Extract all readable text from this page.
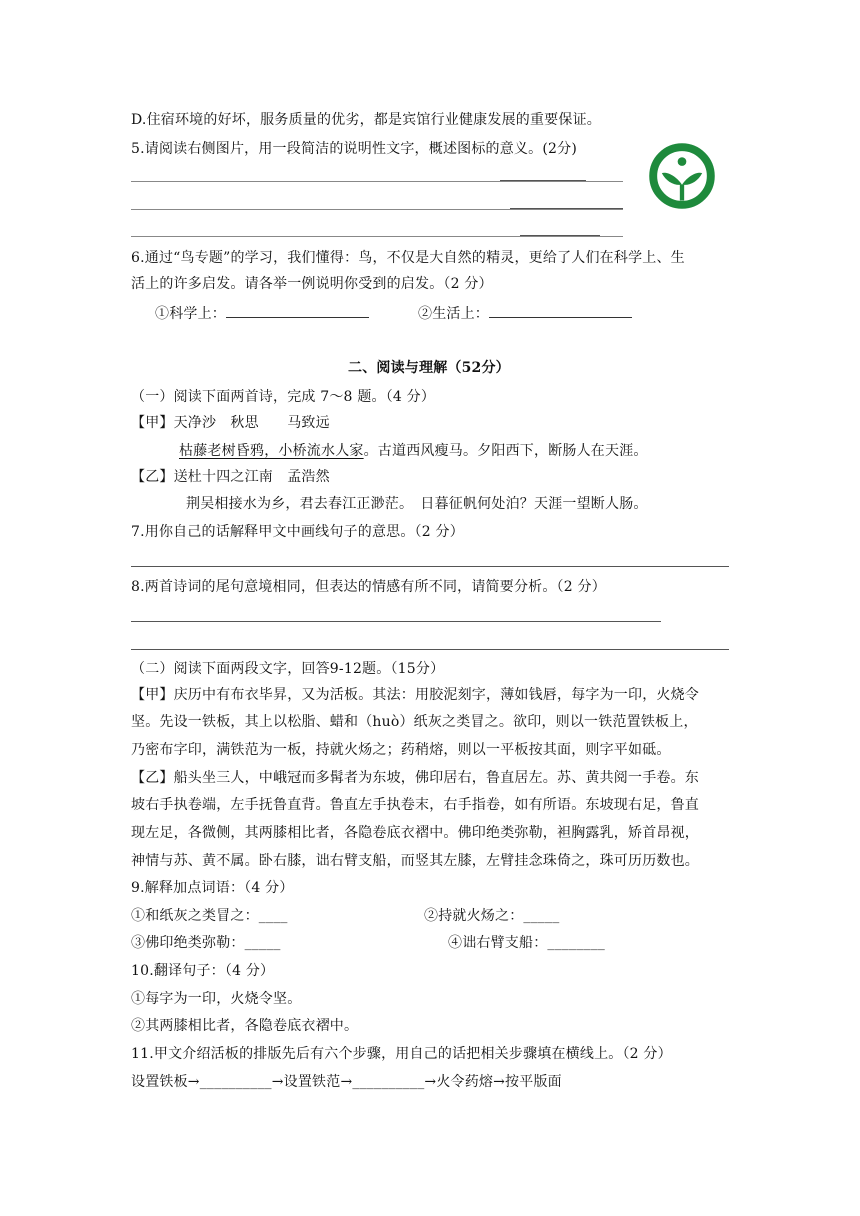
D.住宿环境的好坏，服务质量的优劣，都是宾馆行业健康发展的重要保证。
5.请阅读右侧图片，用一段简洁的说明性文字，概述图标的意义。(2分)
6.通过“鸟专题”的学习，我们懂得：鸟，不仅是大自然的精灵，更给了人们在科学上、生
活上的许多启发。请各举一例说明你受到的启发。（2 分）
①科学上：	②生活上：
二、阅读与理解（52分）
（一）阅读下面两首诗，完成 7～8 题。（4 分）
【甲】天净沙　秋思　　马致远
枯藤老树昏鸦，小桥流水人家。古道西风瘦马。夕阳西下，断肠人在天涯。
【乙】送杜十四之江南　孟浩然
荆吴相接水为乡，君去春江正渺茫。　日暮征帆何处泊？天涯一望断人肠。
7.用你自己的话解释甲文中画线句子的意思。（2 分）
8.两首诗词的尾句意境相同，但表达的情感有所不同，请简要分析。（2 分）
（二）阅读下面两段文字，回答9-12题。（15分）
【甲】庆历中有布衣毕昇，又为活板。其法：用胶泥刻字，薄如钱唇，每字为一印，火烧令
坚。先设一铁板，其上以松脂、蜡和（huò）纸灰之类冒之。欲印，则以一铁范置铁板上，
乃密布字印，满铁范为一板，持就火炀之；药稍熔，则以一平板按其面，则字平如砥。
【乙】船头坐三人，中峨冠而多髯者为东坡，佛印居右，鲁直居左。苏、黄共阅一手卷。东
坡右手执卷端，左手抚鲁直背。鲁直左手执卷末，右手指卷，如有所语。东坡现右足，鲁直
现左足，各微侧，其两膝相比者，各隐卷底衣褶中。佛印绝类弥勒，袒胸露乳，矫首昂视，
神情与苏、黄不属。卧右膝，诎右臂支船，而竖其左膝，左臂挂念珠倚之，珠可历历数也。
9.解释加点词语：（4 分）
①和纸灰之类冒之：____	②持就火炀之：_____
③佛印绝类弥勒：_____	④诎右臂支船：________
10.翻译句子：（4 分）
①每字为一印，火烧令坚。
②其两膝相比者，各隐卷底衣褶中。
11.甲文介绍活板的排版先后有六个步骤，用自己的话把相关步骤填在横线上。（2 分）
设置铁板→__________→设置铁范→__________→火令药熔→按平版面
